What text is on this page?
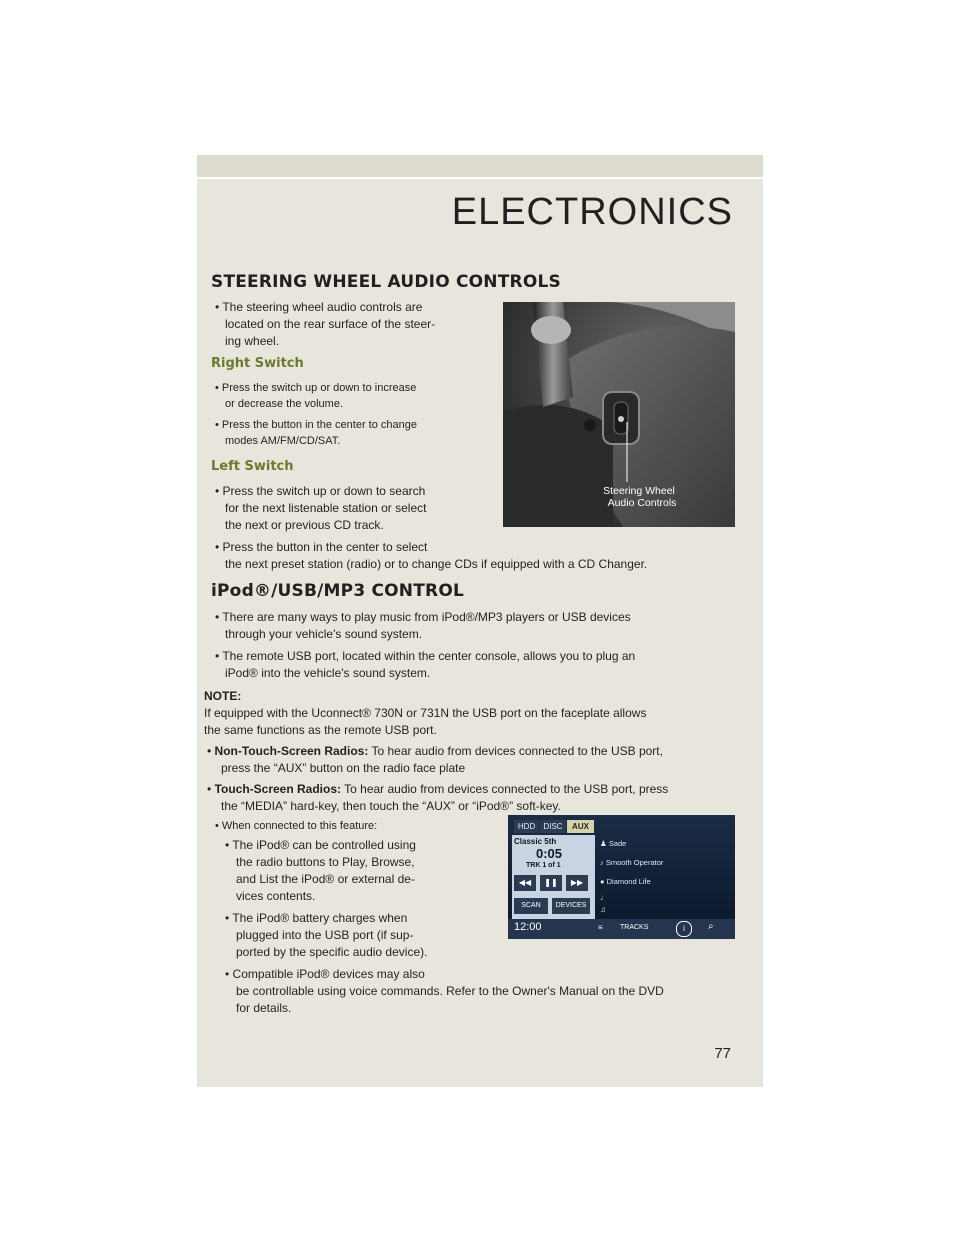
ELECTRONICS
STEERING WHEEL AUDIO CONTROLS
• The steering wheel audio controls are
located on the rear surface of the steer-
ing wheel.
Right Switch
• Press the switch up or down to increase
or decrease the volume.
• Press the button in the center to change
modes AM/FM/CD/SAT.
Left Switch
• Press the switch up or down to search
for the next listenable station or select
the next or previous CD track.
• Press the button in the center to select
the next preset station (radio) or to change CDs if equipped with a CD Changer.
Steering Wheel
Audio Controls
iPod®/USB/MP3 CONTROL
• There are many ways to play music from iPod®/MP3 players or USB devices
through your vehicle's sound system.
• The remote USB port, located within the center console, allows you to plug an
iPod® into the vehicle's sound system.
NOTE:
If equipped with the Uconnect® 730N or 731N the USB port on the faceplate allows
the same functions as the remote USB port.
• Non-Touch-Screen Radios: To hear audio from devices connected to the USB port,
press the “AUX” button on the radio face plate
• Touch-Screen Radios: To hear audio from devices connected to the USB port, press
the “MEDIA” hard-key, then touch the “AUX” or “iPod®” soft-key.
• When connected to this feature:
• The iPod® can be controlled using
the radio buttons to Play, Browse,
and List the iPod® or external de-
vices contents.
• The iPod® battery charges when
plugged into the USB port (if sup-
ported by the specific audio device).
• Compatible iPod® devices may also
be controllable using voice commands. Refer to the Owner's Manual on the DVD
for details.
HDD	DISC	AUX
Classic 5th
0:05
TRK 1 of 1
◀◀	❚❚	▶▶
SCAN	DEVICES
♟ Sade
♪ Smooth Operator
● Diamond Life
♩
♫
12:00	≡ TRACKS	i	⌕
77
